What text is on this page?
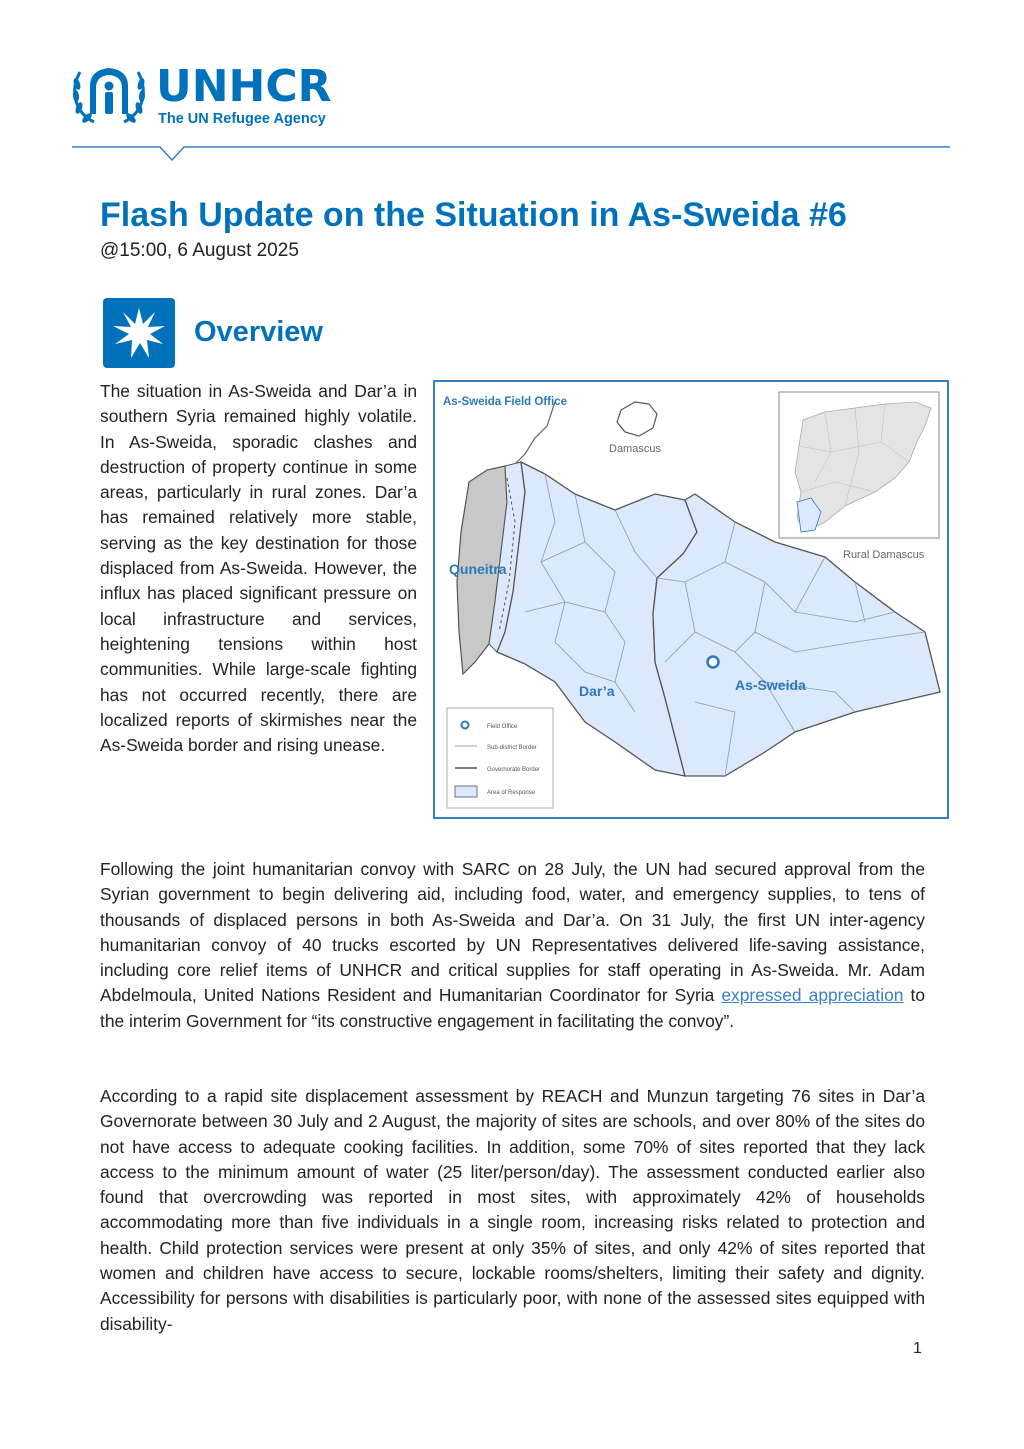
UNHCR
The UN Refugee Agency
Flash Update on the Situation in As-Sweida #6
@15:00, 6 August 2025
Overview
The situation in As-Sweida and Dar’a in southern Syria remained highly volatile. In As-Sweida, sporadic clashes and destruction of property continue in some areas, particularly in rural zones. Dar’a has remained relatively more stable, serving as the key destination for those displaced from As-Sweida. However, the influx has placed significant pressure on local infrastructure and services, heightening tensions within host communities. While large-scale fighting has not occurred recently, there are localized reports of skirmishes near the As-Sweida border and rising unease.
As-Sweida Field Office
Damascus
Rural Damascus
Quneitra
Dar’a	As-Sweida
Field Office
Sub-district Border
Governorate Border
Area of Response
Following the joint humanitarian convoy with SARC on 28 July, the UN had secured approval from the Syrian government to begin delivering aid, including food, water, and emergency supplies, to tens of thousands of displaced persons in both As-Sweida and Dar’a. On 31 July, the first UN inter-agency humanitarian convoy of 40 trucks escorted by UN Representatives delivered life-saving assistance, including core relief items of UNHCR and critical supplies for staff operating in As-Sweida. Mr. Adam Abdelmoula, United Nations Resident and Humanitarian Coordinator for Syria expressed appreciation to the interim Government for “its constructive engagement in facilitating the convoy”.
According to a rapid site displacement assessment by REACH and Munzun targeting 76 sites in Dar’a Governorate between 30 July and 2 August, the majority of sites are schools, and over 80% of the sites do not have access to adequate cooking facilities. In addition, some 70% of sites reported that they lack access to the minimum amount of water (25 liter/person/day). The assessment conducted earlier also found that overcrowding was reported in most sites, with approximately 42% of households accommodating more than five individuals in a single room, increasing risks related to protection and health. Child protection services were present at only 35% of sites, and only 42% of sites reported that women and children have access to secure, lockable rooms/shelters, limiting their safety and dignity. Accessibility for persons with disabilities is particularly poor, with none of the assessed sites equipped with disability-
1
